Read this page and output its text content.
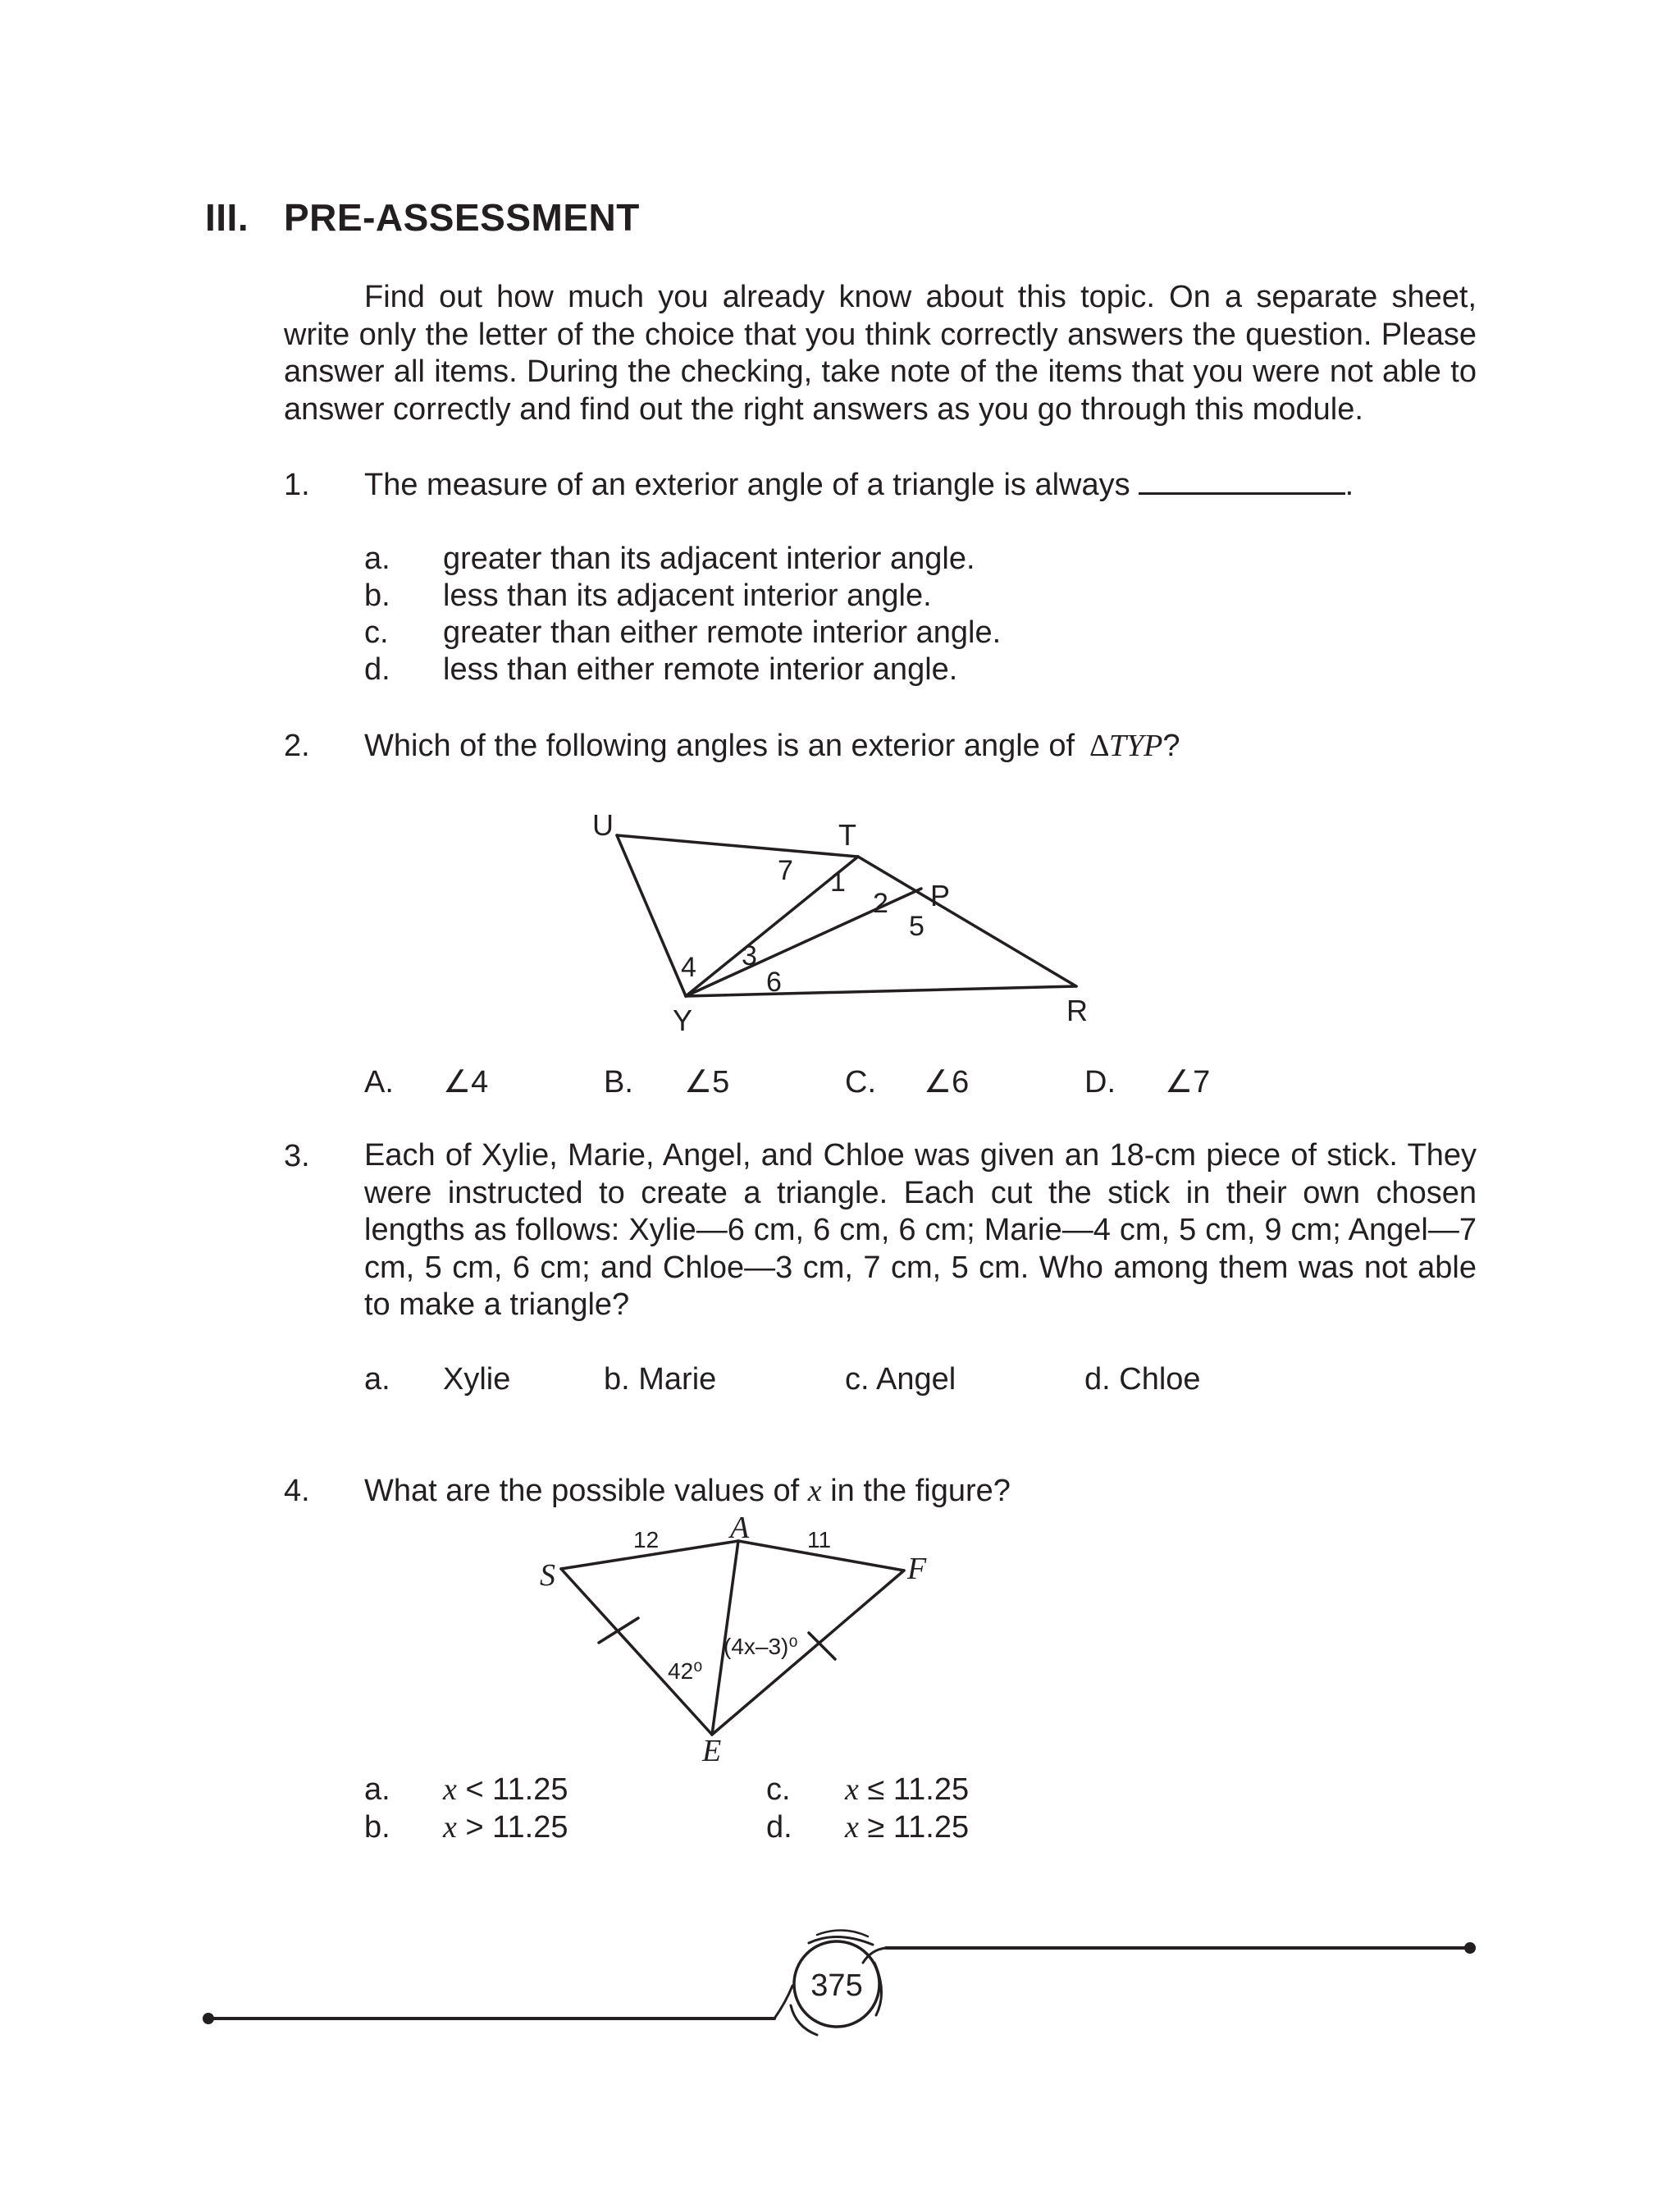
III. PRE-ASSESSMENT
Find out how much you already know about this topic. On a separate sheet, write only the letter of the choice that you think correctly answers the question. Please answer all items. During the checking, take note of the items that you were not able to answer correctly and find out the right answers as you go through this module.
1. The measure of an exterior angle of a triangle is always	.
a. greater than its adjacent interior angle.
b. less than its adjacent interior angle.
c. greater than either remote interior angle.
d. less than either remote interior angle.
2. Which of the following angles is an exterior angle of ∆TYP?
U	T
P
Y	R
1
2
3
4
5
6
7
A. ∠4	B. ∠5	C. ∠6	D. ∠7
3. Each of Xylie, Marie, Angel, and Chloe was given an 18-cm piece of stick. They were instructed to create a triangle. Each cut the stick in their own chosen lengths as follows: Xylie—6 cm, 6 cm, 6 cm; Marie—4 cm, 5 cm, 9 cm; Angel—7 cm, 5 cm, 6 cm; and Chloe—3 cm, 7 cm, 5 cm. Who among them was not able to make a triangle?
a. Xylie	b. Marie	c. Angel	d. Chloe
4. What are the possible values of x in the figure?
A
S	F
E
12	11
42⁰
(4x–3)⁰
a. x < 11.25
b. x > 11.25
c. x ≤ 11.25
d. x ≥ 11.25
375
